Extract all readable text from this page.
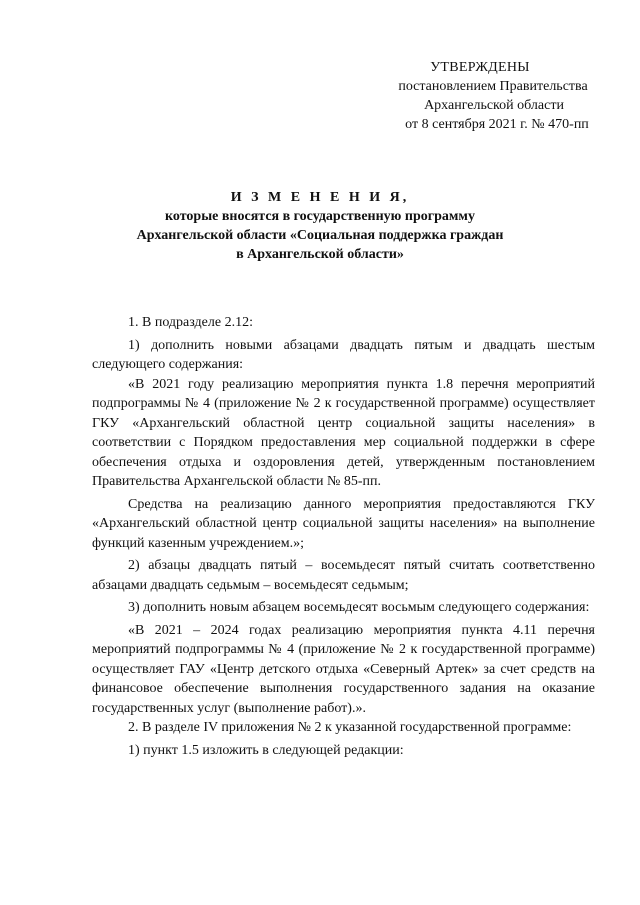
УТВЕРЖДЕНЫ
постановлением Правительства
Архангельской области
от 8 сентября 2021 г. № 470-пп
И З М Е Н Е Н И Я,
которые вносятся в государственную программу
Архангельской области «Социальная поддержка граждан
в Архангельской области»
1. В подразделе 2.12:
1) дополнить новыми абзацами двадцать пятым и двадцать шестым
следующего содержания:
«В 2021 году реализацию мероприятия пункта 1.8 перечня мероприятий подпрограммы № 4 (приложение № 2 к государственной программе) осуществляет ГКУ «Архангельский областной центр социальной защиты населения» в соответствии с Порядком предоставления мер социальной поддержки в сфере обеспечения отдыха и оздоровления детей, утвержденным постановлением Правительства Архангельской области № 85-пп.
Средства на реализацию данного мероприятия предоставляются ГКУ «Архангельский областной центр социальной защиты населения» на выполнение функций казенным учреждением.»;
2) абзацы двадцать пятый – восемьдесят пятый считать соответственно абзацами двадцать седьмым – восемьдесят седьмым;
3) дополнить новым абзацем восемьдесят восьмым следующего содержания:
«В 2021 – 2024 годах реализацию мероприятия пункта 4.11 перечня мероприятий подпрограммы № 4 (приложение № 2 к государственной программе) осуществляет ГАУ «Центр детского отдыха «Северный Артек» за счет средств на финансовое обеспечение выполнения государственного задания на оказание государственных услуг (выполнение работ).».
2. В разделе IV приложения № 2 к указанной государственной программе:
1) пункт 1.5 изложить в следующей редакции:
